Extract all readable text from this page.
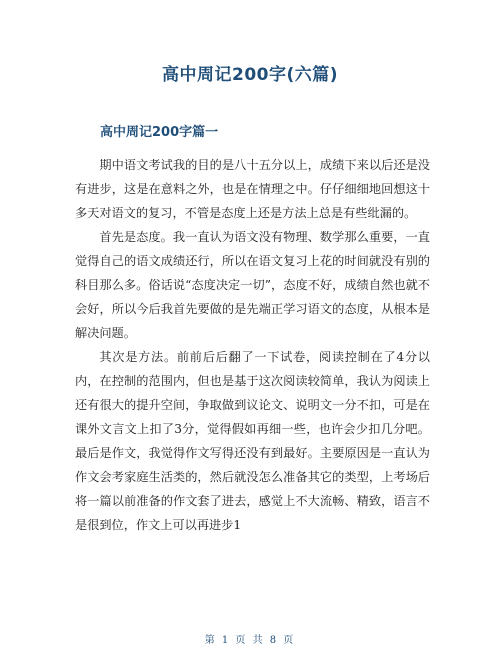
高中周记200字(六篇)
高中周记200字篇一

期中语文考试我的目的是八十五分以上，成绩下来以后还是没有进步，这是在意料之外，也是在情理之中。仔仔细细地回想这十多天对语文的复习，不管是态度上还是方法上总是有些纰漏的。

首先是态度。我一直认为语文没有物理、数学那么重要，一直觉得自己的语文成绩还行，所以在语文复习上花的时间就没有别的科目那么多。俗话说“态度决定一切”，态度不好，成绩自然也就不会好，所以今后我首先要做的是先端正学习语文的态度，从根本是解决问题。

其次是方法。前前后后翻了一下试卷，阅读控制在了4分以内，在控制的范围内，但也是基于这次阅读较简单，我认为阅读上还有很大的提升空间，争取做到议论文、说明文一分不扣，可是在课外文言文上扣了3分，觉得假如再细一些，也许会少扣几分吧。最后是作文，我觉得作文写得还没有到最好。主要原因是一直认为作文会考家庭生活类的，然后就没怎么准备其它的类型，上考场后将一篇以前准备的作文套了进去，感觉上不大流畅、精致，语言不是很到位，作文上可以再进步1

第 1 页 共 8 页
